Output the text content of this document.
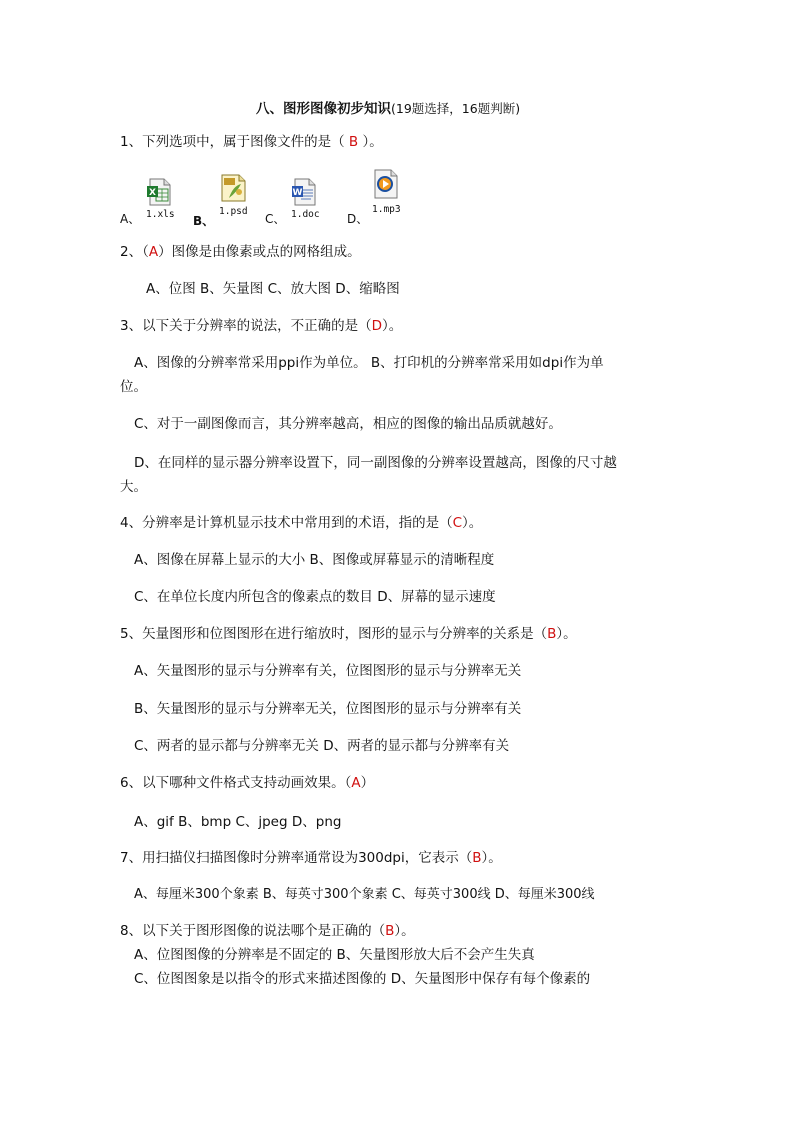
八、图形图像初步知识(19题选择，16题判断)
1、下列选项中，属于图像文件的是（ B ）。
A、
X
1.xls B、
1.psd
C、
W
1.doc D、
1.mp3
2、（A）图像是由像素或点的网格组成。
A、位图 B、矢量图 C、放大图 D、缩略图
3、以下关于分辨率的说法，不正确的是（D）。
A、图像的分辨率常采用ppi作为单位。 B、打印机的分辨率常采用如dpi作为单
位。
C、对于一副图像而言，其分辨率越高，相应的图像的输出品质就越好。
D、在同样的显示器分辨率设置下，同一副图像的分辨率设置越高，图像的尺寸越
大。
4、分辨率是计算机显示技术中常用到的术语，指的是（C）。
A、图像在屏幕上显示的大小 B、图像或屏幕显示的清晰程度
C、在单位长度内所包含的像素点的数目 D、屏幕的显示速度
5、矢量图形和位图图形在进行缩放时，图形的显示与分辨率的关系是（B）。
A、矢量图形的显示与分辨率有关，位图图形的显示与分辨率无关
B、矢量图形的显示与分辨率无关，位图图形的显示与分辨率有关
C、两者的显示都与分辨率无关 D、两者的显示都与分辨率有关
6、以下哪种文件格式支持动画效果。（A）
A、gif B、bmp C、jpeg D、png
7、用扫描仪扫描图像时分辨率通常设为300dpi，它表示（B）。
A、每厘米300个象素 B、每英寸300个象素 C、每英寸300线 D、每厘米300线
8、以下关于图形图像的说法哪个是正确的（B）。
A、位图图像的分辨率是不固定的 B、矢量图形放大后不会产生失真
C、位图图象是以指令的形式来描述图像的 D、矢量图形中保存有每个像素的
